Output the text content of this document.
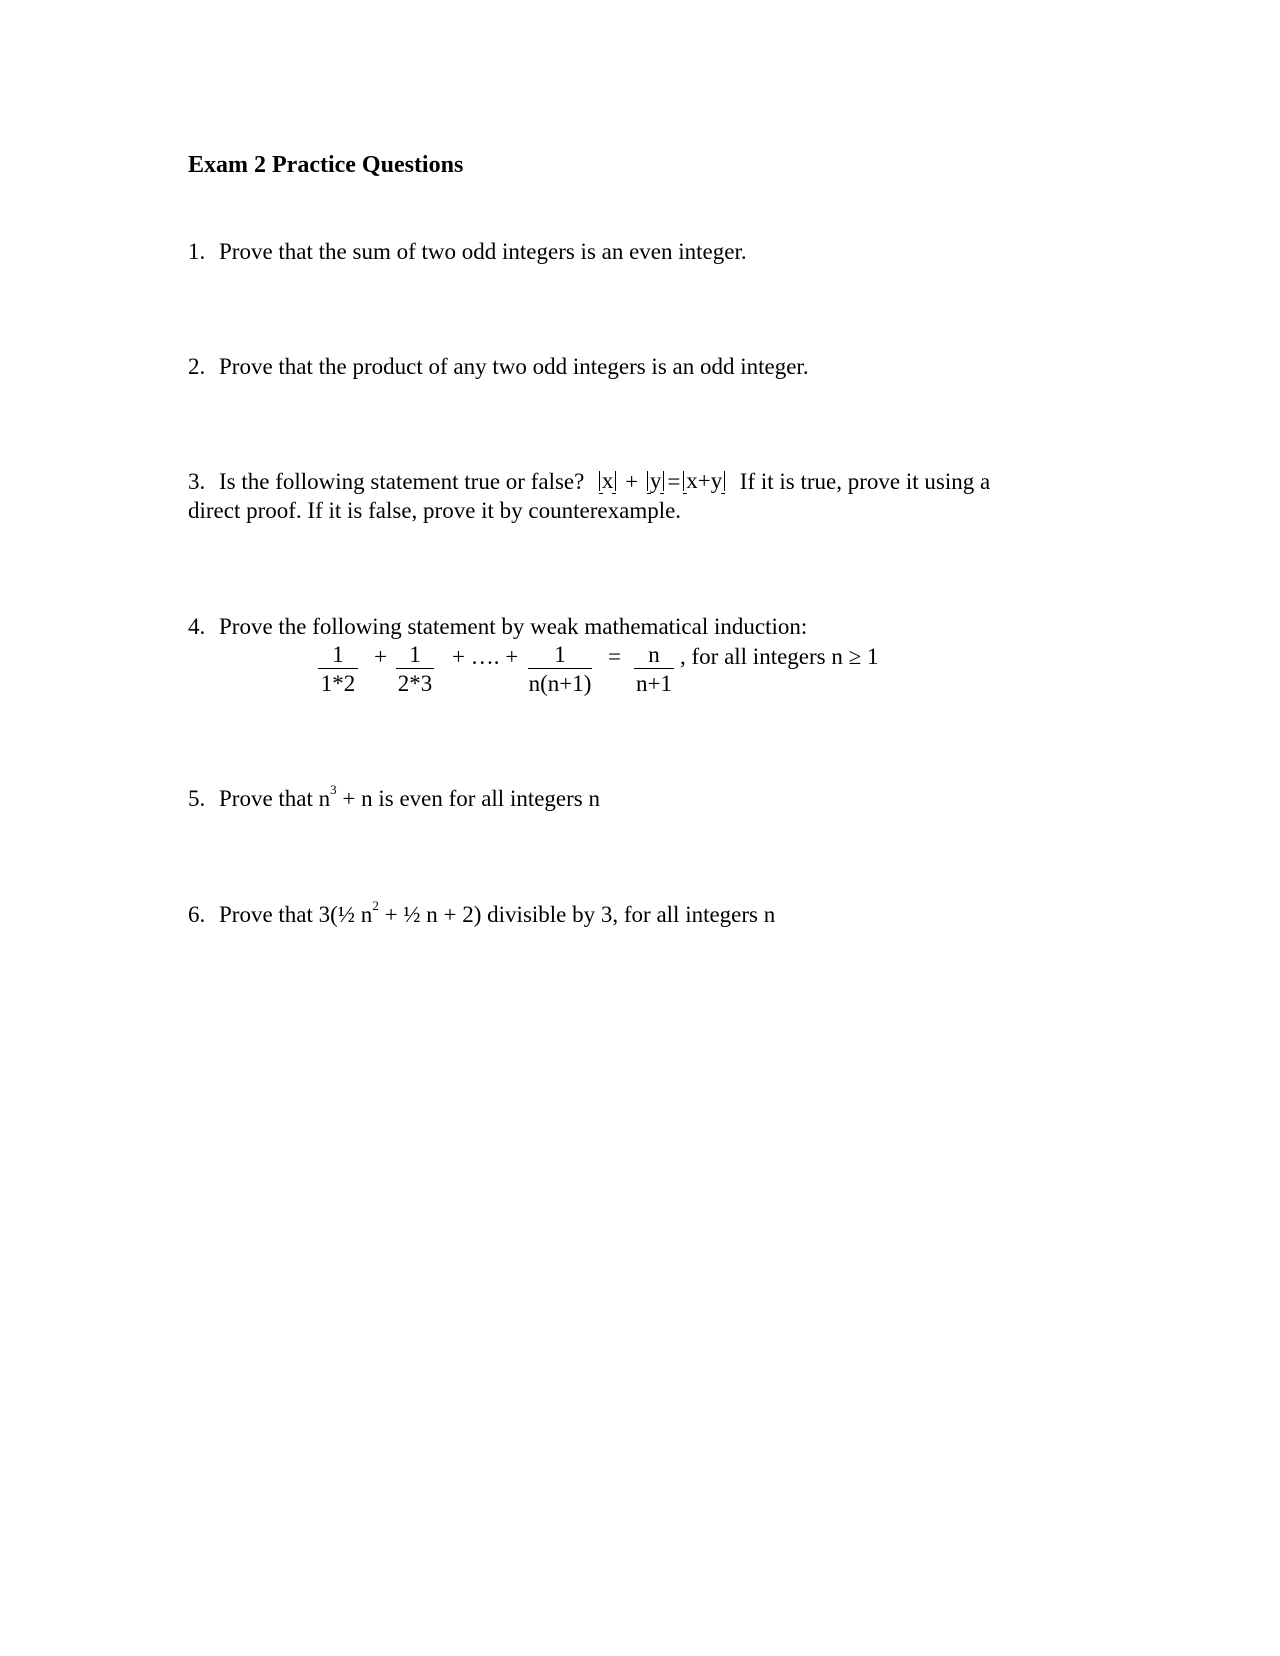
Exam 2 Practice Questions
1. Prove that the sum of two odd integers is an even integer.
2. Prove that the product of any two odd integers is an odd integer.
3. Is the following statement true or false? x + y = x+y If it is true, prove it using a
direct proof. If it is false, prove it by counterexample.
4. Prove the following statement by weak mathematical induction:
$\frac{1}{1*2} + \frac{1}{2*3}$ + …. + $\frac{1}{n(n+1)} = \frac{n}{n+1}$ , for all integers n ≥ 1
5. Prove that $n^3 + n$ is even for all integers n
6. Prove that 3(½ $n^2$ + ½ n + 2) divisible by 3, for all integers n
